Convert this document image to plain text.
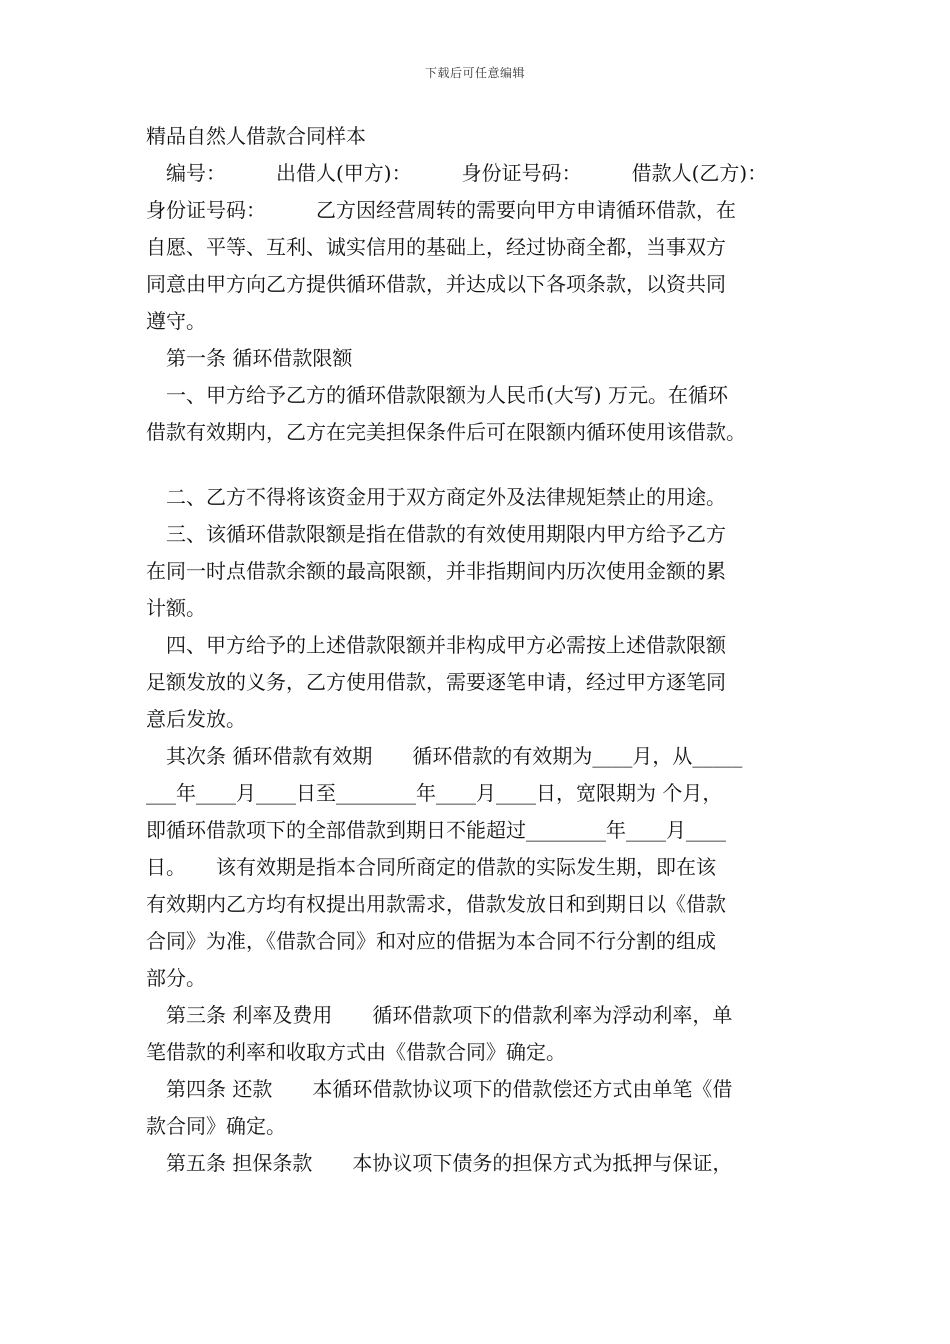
下载后可任意编辑
精品自然人借款合同样本
　编号：　　　出借人(甲方)：　　　身份证号码：　　　借款人(乙方)：
身份证号码：　　　乙方因经营周转的需要向甲方申请循环借款，在
自愿、平等、互利、诚实信用的基础上，经过协商全都，当事双方
同意由甲方向乙方提供循环借款，并达成以下各项条款，以资共同
遵守。
　第一条 循环借款限额
　一、甲方给予乙方的循环借款限额为人民币(大写) 万元。在循环
借款有效期内，乙方在完美担保条件后可在限额内循环使用该借款。
　二、乙方不得将该资金用于双方商定外及法律规矩禁止的用途。
　三、该循环借款限额是指在借款的有效使用期限内甲方给予乙方
在同一时点借款余额的最高限额，并非指期间内历次使用金额的累
计额。
　四、甲方给予的上述借款限额并非构成甲方必需按上述借款限额
足额发放的义务，乙方使用借款，需要逐笔申请，经过甲方逐笔同
意后发放。
　其次条 循环借款有效期　　循环借款的有效期为____月，从_____
___年____月____日至________年____月____日，宽限期为 个月，
即循环借款项下的全部借款到期日不能超过________年____月____
日。　　该有效期是指本合同所商定的借款的实际发生期，即在该
有效期内乙方均有权提出用款需求，借款发放日和到期日以《借款
合同》为准，《借款合同》和对应的借据为本合同不行分割的组成
部分。
　第三条 利率及费用　　循环借款项下的借款利率为浮动利率，单
笔借款的利率和收取方式由《借款合同》确定。
　第四条 还款　　本循环借款协议项下的借款偿还方式由单笔《借
款合同》确定。
　第五条 担保条款　　本协议项下债务的担保方式为抵押与保证，
